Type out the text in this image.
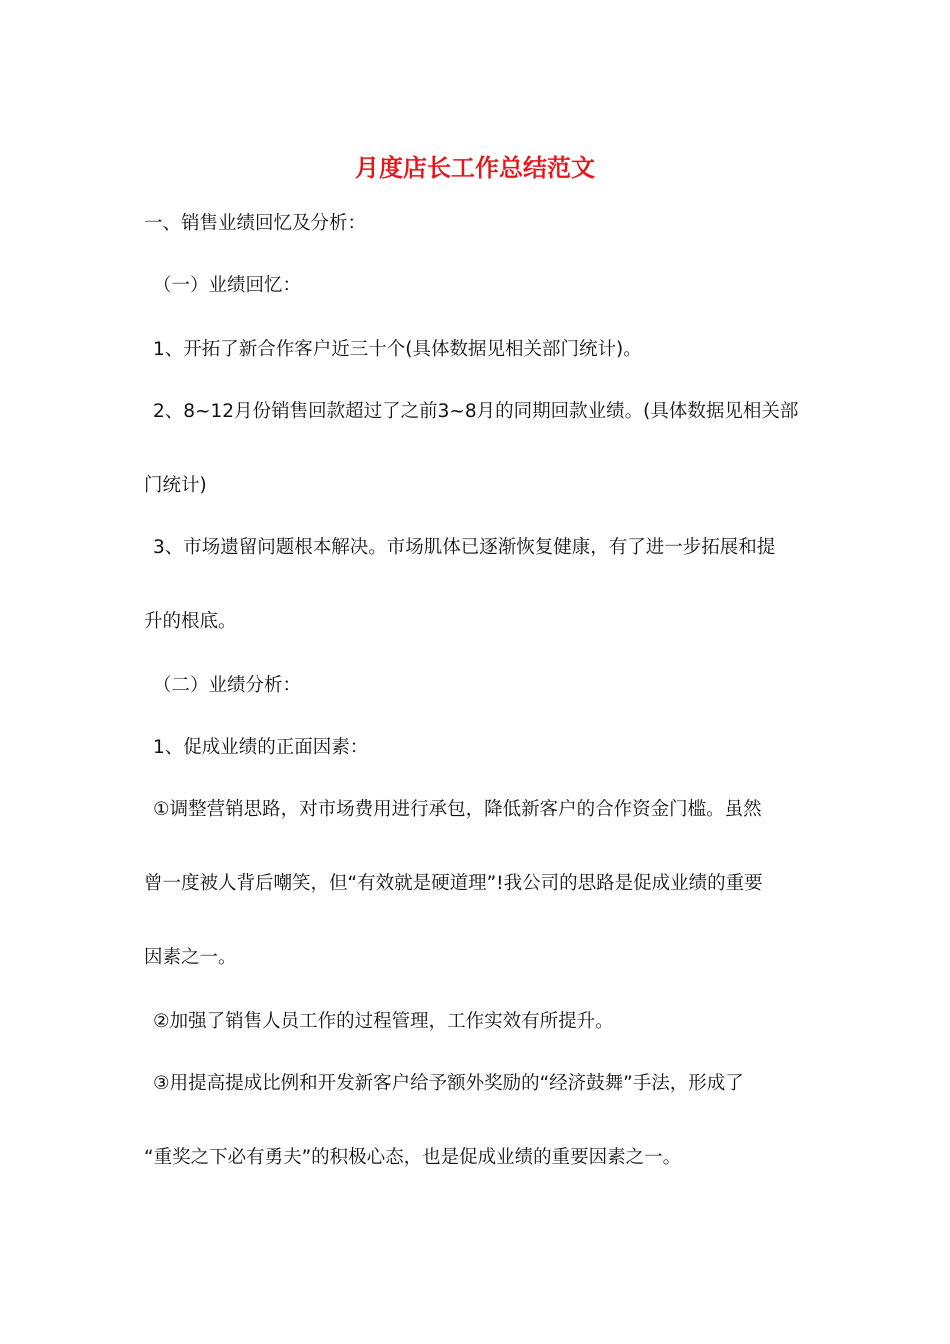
月度店长工作总结范文

一、销售业绩回忆及分析：

（一）业绩回忆：

1、开拓了新合作客户近三十个(具体数据见相关部门统计)。

2、8~12月份销售回款超过了之前3~8月的同期回款业绩。(具体数据见相关部

门统计)

3、市场遗留问题根本解决。市场肌体已逐渐恢复健康，有了进一步拓展和提

升的根底。

（二）业绩分析：

1、促成业绩的正面因素：

①调整营销思路，对市场费用进行承包，降低新客户的合作资金门槛。虽然

曾一度被人背后嘲笑，但“有效就是硬道理”!我公司的思路是促成业绩的重要

因素之一。

②加强了销售人员工作的过程管理，工作实效有所提升。

③用提高提成比例和开发新客户给予额外奖励的“经济鼓舞”手法，形成了

“重奖之下必有勇夫”的积极心态，也是促成业绩的重要因素之一。
